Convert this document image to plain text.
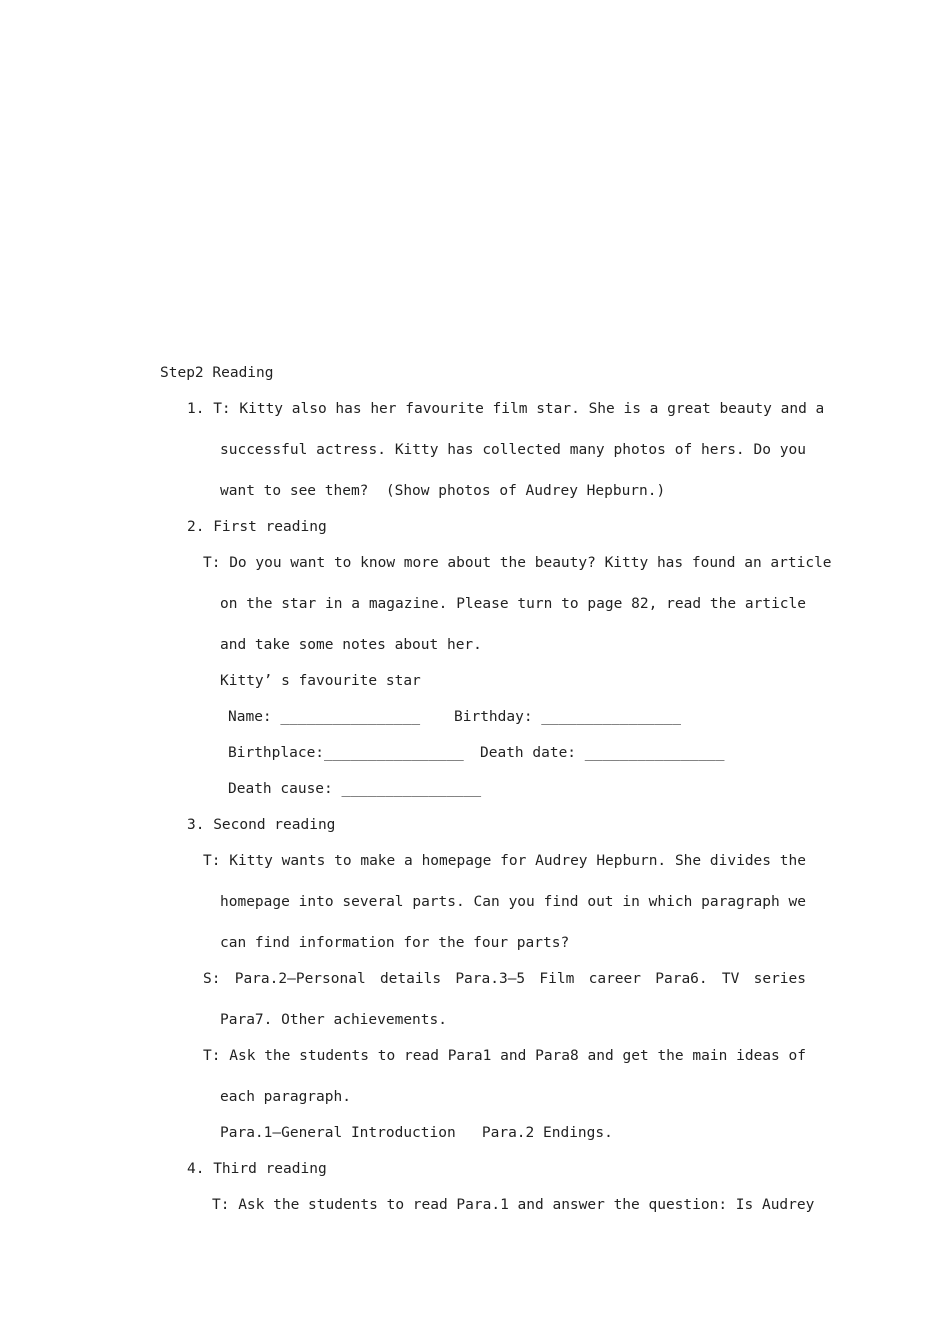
Step2 Reading
1. T: Kitty also has her favourite film star. She is a great beauty and a
successful actress. Kitty has collected many photos of hers. Do you
want to see them?  (Show photos of Audrey Hepburn.)
2. First reading
T: Do you want to know more about the beauty? Kitty has found an article
on the star in a magazine. Please turn to page 82, read the article
and take some notes about her.
Kitty’ s favourite star
Name: ________________ Birthday: ________________
Birthplace:________________ Death date: ________________
Death cause: ________________
3. Second reading
T: Kitty wants to make a homepage for Audrey Hepburn. She divides the
homepage into several parts. Can you find out in which paragraph we
can find information for the four parts?
S: Para.2—Personal details Para.3—5 Film career Para6. TV series
Para7. Other achievements.
T: Ask the students to read Para1 and Para8 and get the main ideas of
each paragraph.
Para.1—General Introduction   Para.2 Endings.
4. Third reading
T: Ask the students to read Para.1 and answer the question: Is Audrey
